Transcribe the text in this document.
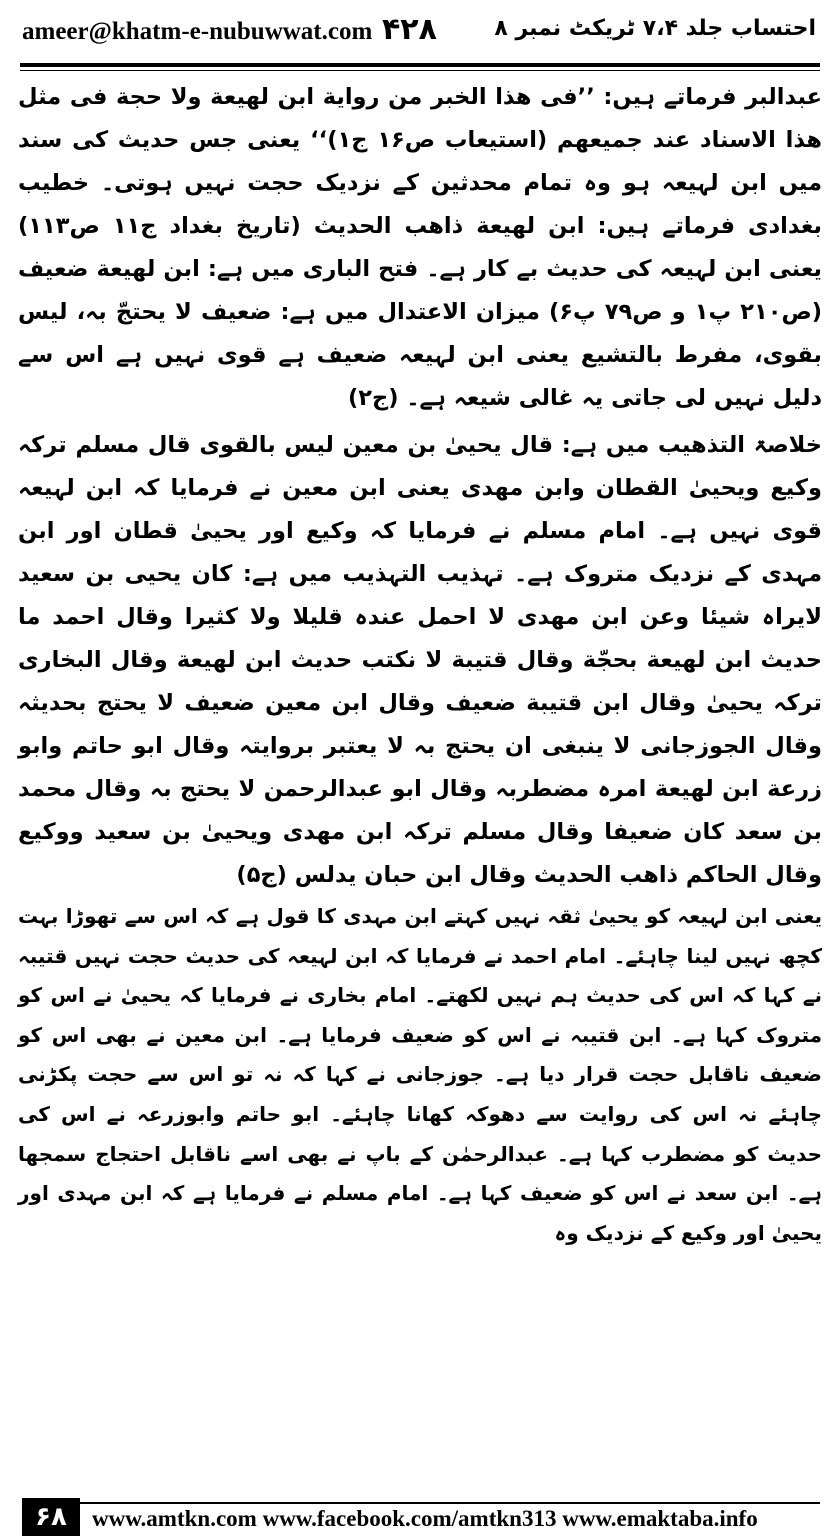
ameer@khatm-e-nubuwwat.com ۴۲۸	احتساب جلد ۷،۴ ٹریکٹ نمبر ۸

عبدالبر فرماتے ہیں: ’’فی ھذا الخبر من روایة ابن لھیعة ولا حجة فی مثل ھذا الاسناد عند جمیعھم (استیعاب ص۱۶ ج۱)‘‘ یعنی جس حدیث کی سند میں ابن لہیعہ ہو وہ تمام محدثین کے نزدیک حجت نہیں ہوتی۔ خطیب بغدادی فرماتے ہیں: ابن لھیعة ذاھب الحدیث (تاریخ بغداد ج۱۱ ص۱۱۳) یعنی ابن لہیعہ کی حدیث بے کار ہے۔ فتح الباری میں ہے: ابن لھیعة ضعیف (ص۲۱۰ پ۱ و ص۷۹ پ۶) میزان الاعتدال میں ہے: ضعیف لا یحتجّ بہ، لیس بقوی، مفرط بالتشیع یعنی ابن لہیعہ ضعیف ہے قوی نہیں ہے اس سے دلیل نہیں لی جاتی یہ غالی شیعہ ہے۔ (ج۲)

خلاصۃ التذھیب میں ہے: قال یحییٰ بن معین لیس بالقوی قال مسلم ترکہ وکیع ویحییٰ القطان وابن مھدی یعنی ابن معین نے فرمایا کہ ابن لہیعہ قوی نہیں ہے۔ امام مسلم نے فرمایا کہ وکیع اور یحییٰ قطان اور ابن مہدی کے نزدیک متروک ہے۔ تہذیب التہذیب میں ہے: کان یحیی بن سعید لایراہ شیئا وعن ابن مھدی لا احمل عندہ قلیلا ولا کثیرا وقال احمد ما حدیث ابن لھیعة بحجّة وقال قتیبة لا نکتب حدیث ابن لھیعة وقال البخاری ترکہ یحییٰ وقال ابن قتیبة ضعیف وقال ابن معین ضعیف لا یحتج بحدیثہ وقال الجوزجانی لا ینبغی ان یحتج بہ لا یعتبر بروایتہ وقال ابو حاتم وابو زرعة ابن لھیعة امرہ مضطربہ وقال ابو عبدالرحمن لا یحتج بہ وقال محمد بن سعد کان ضعیفا وقال مسلم ترکہ ابن مھدی ویحییٰ بن سعید ووکیع وقال الحاکم ذاھب الحدیث وقال ابن حبان یدلس (ج۵)

یعنی ابن لہیعہ کو یحییٰ ثقہ نہیں کہتے ابن مہدی کا قول ہے کہ اس سے تھوڑا بہت کچھ نہیں لینا چاہئے۔ امام احمد نے فرمایا کہ ابن لہیعہ کی حدیث حجت نہیں قتیبہ نے کہا کہ اس کی حدیث ہم نہیں لکھتے۔ امام بخاری نے فرمایا کہ یحییٰ نے اس کو متروک کہا ہے۔ ابن قتیبہ نے اس کو ضعیف فرمایا ہے۔ ابن معین نے بھی اس کو ضعیف ناقابل حجت قرار دیا ہے۔ جوزجانی نے کہا کہ نہ تو اس سے حجت پکڑنی چاہئے نہ اس کی روایت سے دھوکہ کھانا چاہئے۔ ابو حاتم وابوزرعہ نے اس کی حدیث کو مضطرب کہا ہے۔ عبدالرحمٰن کے باپ نے بھی اسے ناقابل احتجاج سمجھا ہے۔ ابن سعد نے اس کو ضعیف کہا ہے۔ امام مسلم نے فرمایا ہے کہ ابن مہدی اور یحییٰ اور وکیع کے نزدیک وہ

۶۸	www.amtkn.com www.facebook.com/amtkn313 www.emaktaba.info
